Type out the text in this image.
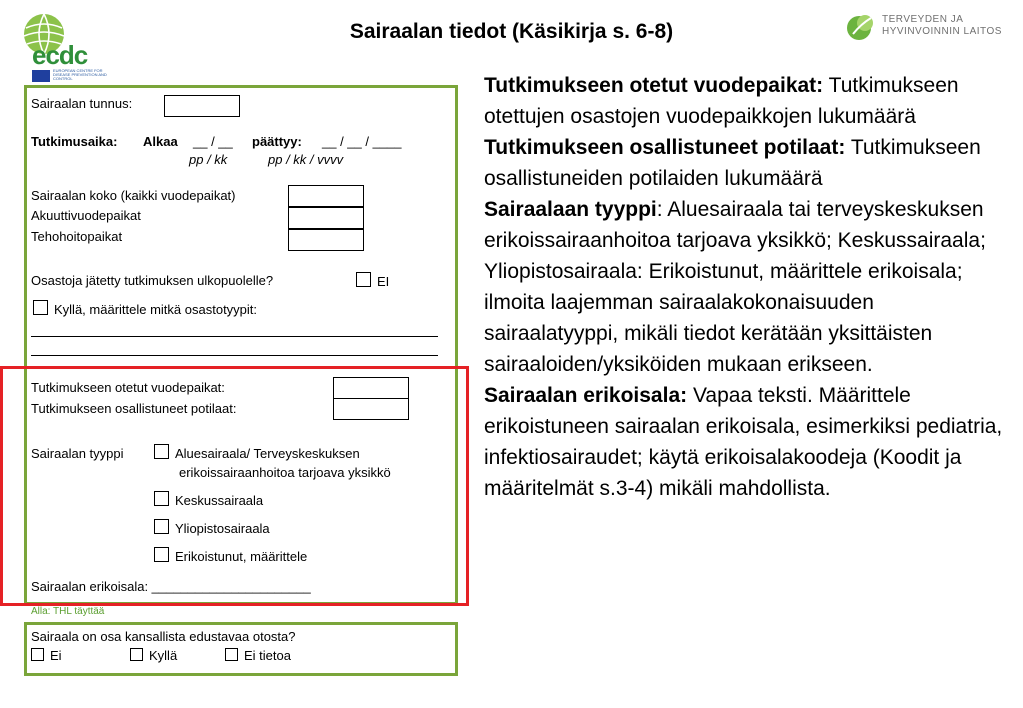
ecdc
EUROPEAN CENTRE FOR DISEASE PREVENTION AND CONTROL
TERVEYDEN JA
HYVINVOINNIN LAITOS
Sairaalan tiedot (Käsikirja s. 6-8)
Sairaalan tunnus:
Tutkimusaika: Alkaa __ / __ päättyy: __ / __ / ____
pp / kk	pp / kk / vvvv
Sairaalan koko (kaikki vuodepaikat)
Akuuttivuodepaikat
Tehohoitopaikat
Osastoja jätetty tutkimuksen ulkopuolelle?	EI
Kyllä, määrittele mitkä osastotyypit:
Tutkimukseen otetut vuodepaikat:
Tutkimukseen osallistuneet potilaat:
Sairaalan tyyppi	Aluesairaala/ Terveyskeskuksen
erikoissairaanhoitoa tarjoava yksikkö
Keskussairaala
Yliopistosairaala
Erikoistunut, määrittele
Sairaalan erikoisala: ______________________
Alla: THL täyttää
Sairaala on osa kansallista edustavaa otosta?
Ei	Kyllä	Ei tietoa

Tutkimukseen otetut vuodepaikat: Tutkimukseen otettujen osastojen vuodepaikkojen lukumäärä

Tutkimukseen osallistuneet potilaat: Tutkimukseen osallistuneiden potilaiden lukumäärä

Sairaalaan tyyppi: Aluesairaala tai terveyskeskuksen erikoissairaanhoitoa tarjoava yksikkö; Keskussairaala; Yliopistosairaala: Erikoistunut, määrittele erikoisala; ilmoita laajemman sairaalakokonaisuuden sairaalatyyppi, mikäli tiedot kerätään yksittäisten sairaaloiden/yksiköiden mukaan erikseen.

Sairaalan erikoisala: Vapaa teksti. Määrittele erikoistuneen sairaalan erikoisala, esimerkiksi pediatria, infektiosairaudet; käytä erikoisalakoodeja (Koodit ja määritelmät s.3-4) mikäli mahdollista.
